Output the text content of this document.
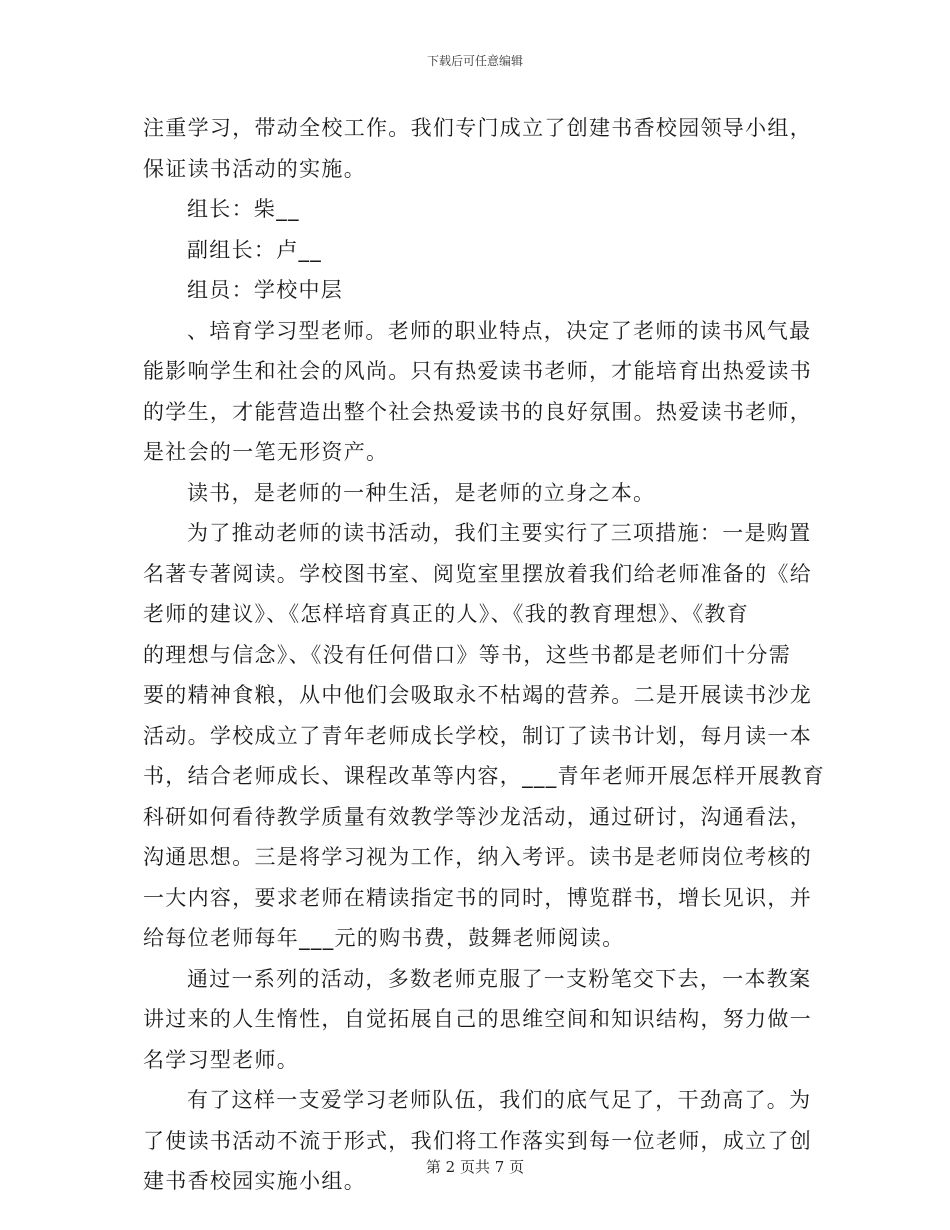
下载后可任意编辑
注重学习，带动全校工作。我们专门成立了创建书香校园领导小组，
保证读书活动的实施。
组长：柴__
副组长：卢__
组员：学校中层
、培育学习型老师。老师的职业特点，决定了老师的读书风气最
能影响学生和社会的风尚。只有热爱读书老师，才能培育出热爱读书
的学生，才能营造出整个社会热爱读书的良好氛围。热爱读书老师，
是社会的一笔无形资产。
读书，是老师的一种生活，是老师的立身之本。
为了推动老师的读书活动，我们主要实行了三项措施：一是购置
名著专著阅读。学校图书室、阅览室里摆放着我们给老师准备的《给
老师的建议》、《怎样培育真正的人》、《我的教育理想》、《教育
的理想与信念》、《没有任何借口》等书，这些书都是老师们十分需
要的精神食粮，从中他们会吸取永不枯竭的营养。二是开展读书沙龙
活动。学校成立了青年老师成长学校，制订了读书计划，每月读一本
书，结合老师成长、课程改革等内容，___青年老师开展怎样开展教育
科研如何看待教学质量有效教学等沙龙活动，通过研讨，沟通看法，
沟通思想。三是将学习视为工作，纳入考评。读书是老师岗位考核的
一大内容，要求老师在精读指定书的同时，博览群书，增长见识，并
给每位老师每年___元的购书费，鼓舞老师阅读。
通过一系列的活动，多数老师克服了一支粉笔交下去，一本教案
讲过来的人生惰性，自觉拓展自己的思维空间和知识结构，努力做一
名学习型老师。
有了这样一支爱学习老师队伍，我们的底气足了，干劲高了。为
了使读书活动不流于形式，我们将工作落实到每一位老师，成立了创
建书香校园实施小组。
第 2 页共 7 页
